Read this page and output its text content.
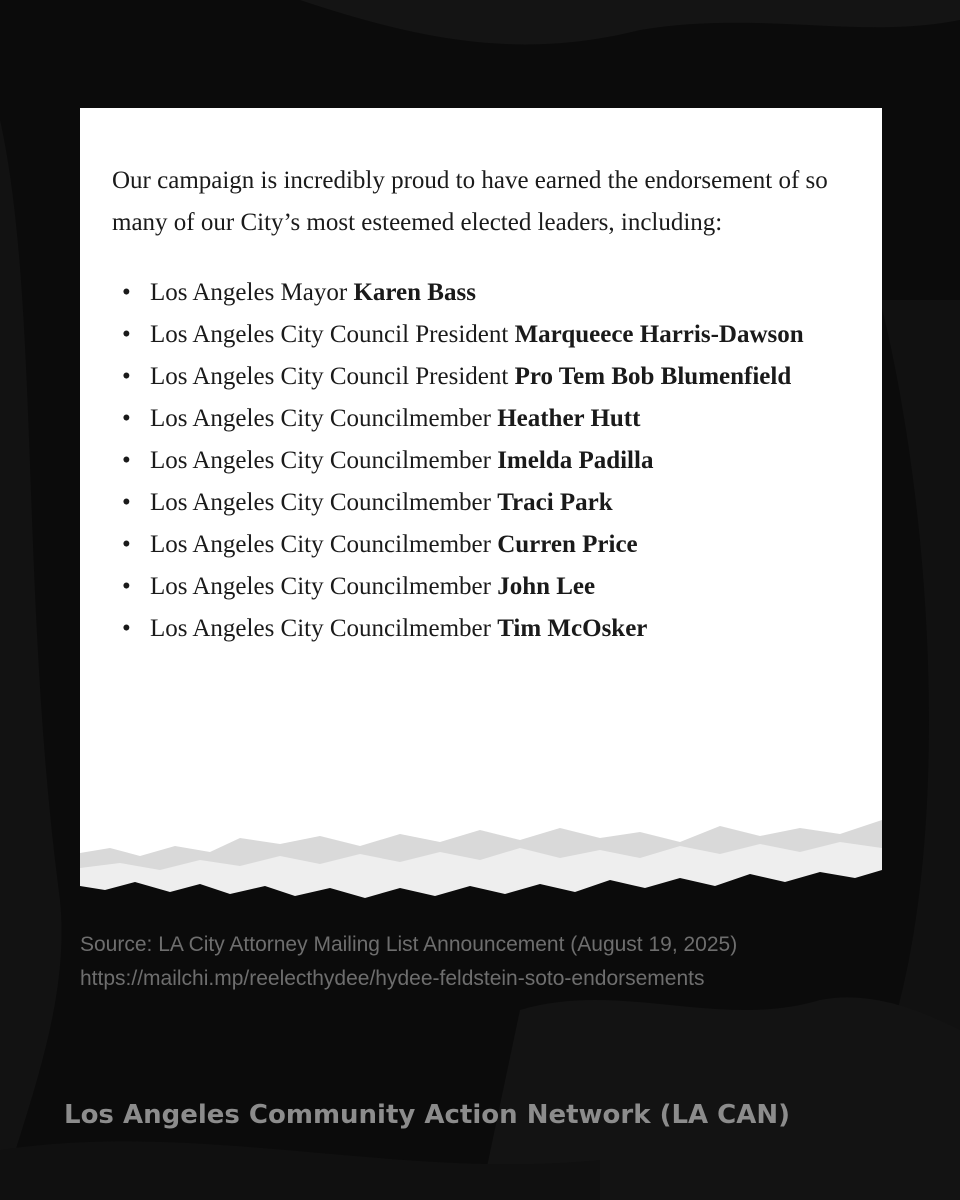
Our campaign is incredibly proud to have earned the endorsement of so many of our City’s most esteemed elected leaders, including:

• Los Angeles Mayor Karen Bass
• Los Angeles City Council President Marqueece Harris-Dawson
• Los Angeles City Council President Pro Tem Bob Blumenfield
• Los Angeles City Councilmember Heather Hutt
• Los Angeles City Councilmember Imelda Padilla
• Los Angeles City Councilmember Traci Park
• Los Angeles City Councilmember Curren Price
• Los Angeles City Councilmember John Lee
• Los Angeles City Councilmember Tim McOsker
Source: LA City Attorney Mailing List Announcement (August 19, 2025)
https://mailchi.mp/reelecthydee/hydee-feldstein-soto-endorsements
Los Angeles Community Action Network (LA CAN)
